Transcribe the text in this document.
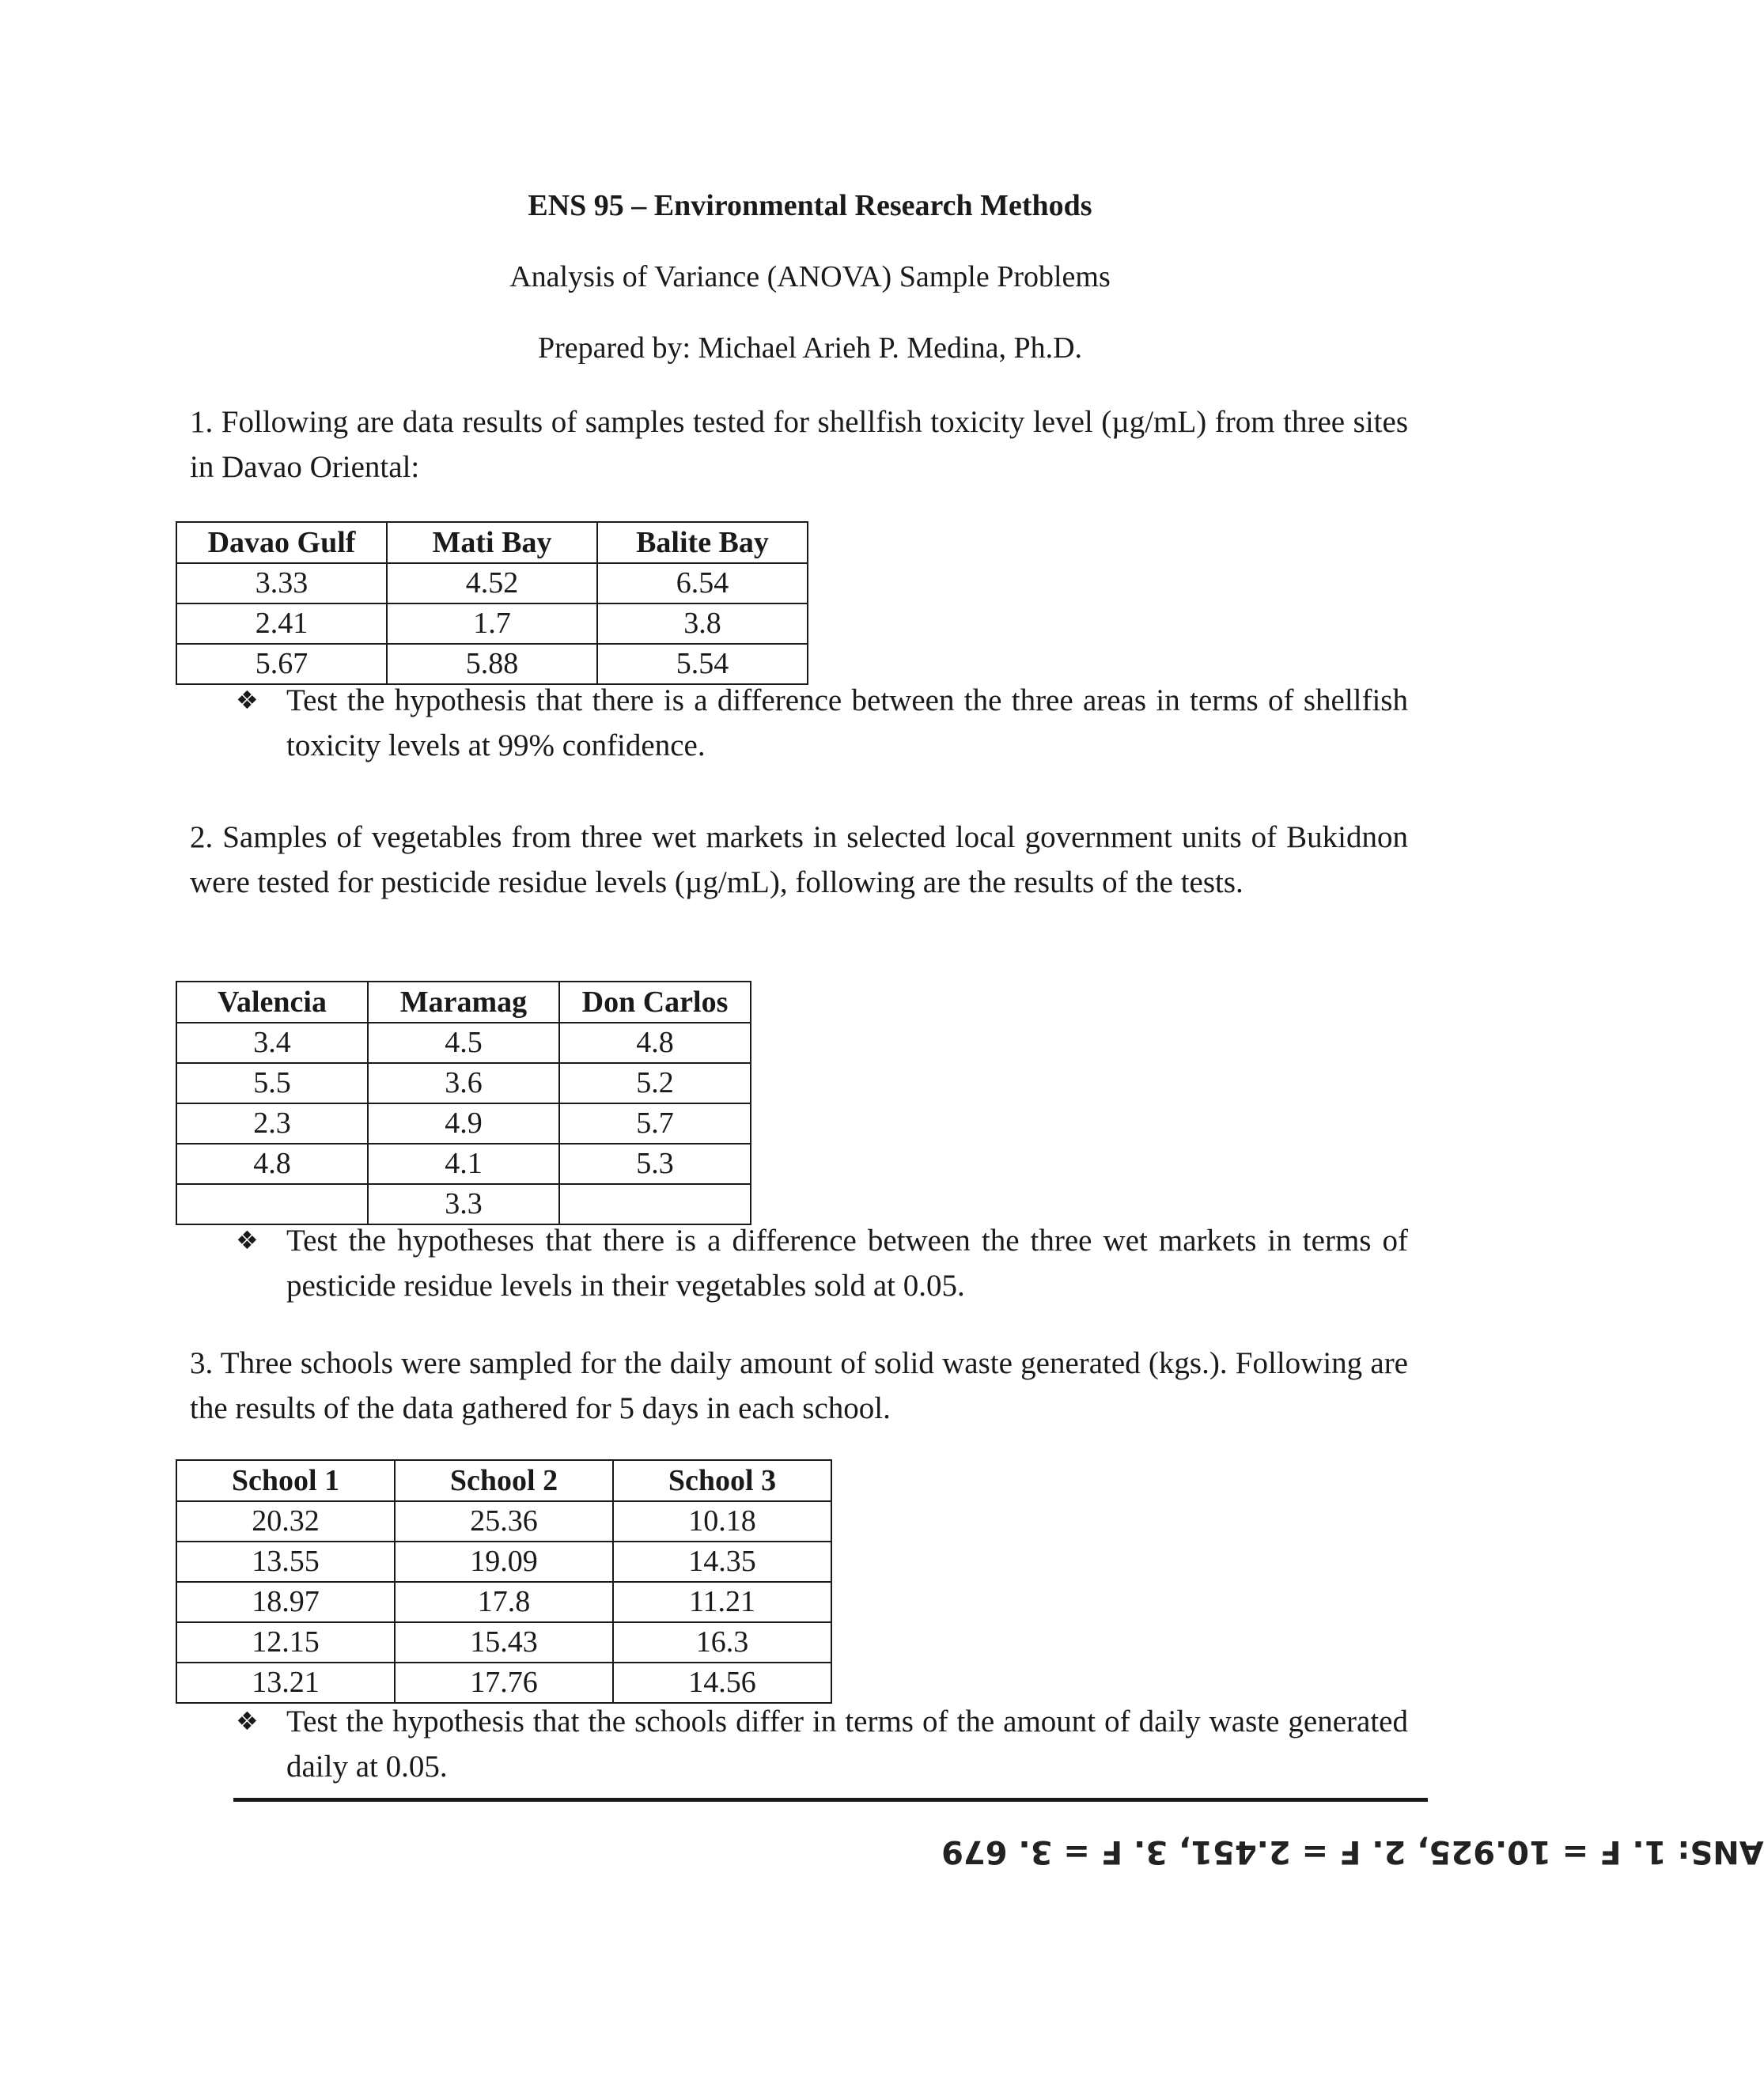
ENS 95 – Environmental Research Methods
Analysis of Variance (ANOVA) Sample Problems
Prepared by: Michael Arieh P. Medina, Ph.D.
1. Following are data results of samples tested for shellfish toxicity level (µg/mL) from three sites in Davao Oriental:
Davao Gulf	Mati Bay	Balite Bay
3.33	4.52	6.54
2.41	1.7	3.8
5.67	5.88	5.54
❖ Test the hypothesis that there is a difference between the three areas in terms of shellfish toxicity levels at 99% confidence.
2. Samples of vegetables from three wet markets in selected local government units of Bukidnon were tested for pesticide residue levels (µg/mL), following are the results of the tests.
Valencia	Maramag	Don Carlos
3.4	4.5	4.8
5.5	3.6	5.2
2.3	4.9	5.7
4.8	4.1	5.3
	3.3	
❖ Test the hypotheses that there is a difference between the three wet markets in terms of pesticide residue levels in their vegetables sold at 0.05.
3. Three schools were sampled for the daily amount of solid waste generated (kgs.). Following are the results of the data gathered for 5 days in each school.
School 1	School 2	School 3
20.32	25.36	10.18
13.55	19.09	14.35
18.97	17.8	11.21
12.15	15.43	16.3
13.21	17.76	14.56
❖ Test the hypothesis that the schools differ in terms of the amount of daily waste generated daily at 0.05.
ANS: 1. F = 10.925, 2. F = 2.451, 3. F = 3. 679
